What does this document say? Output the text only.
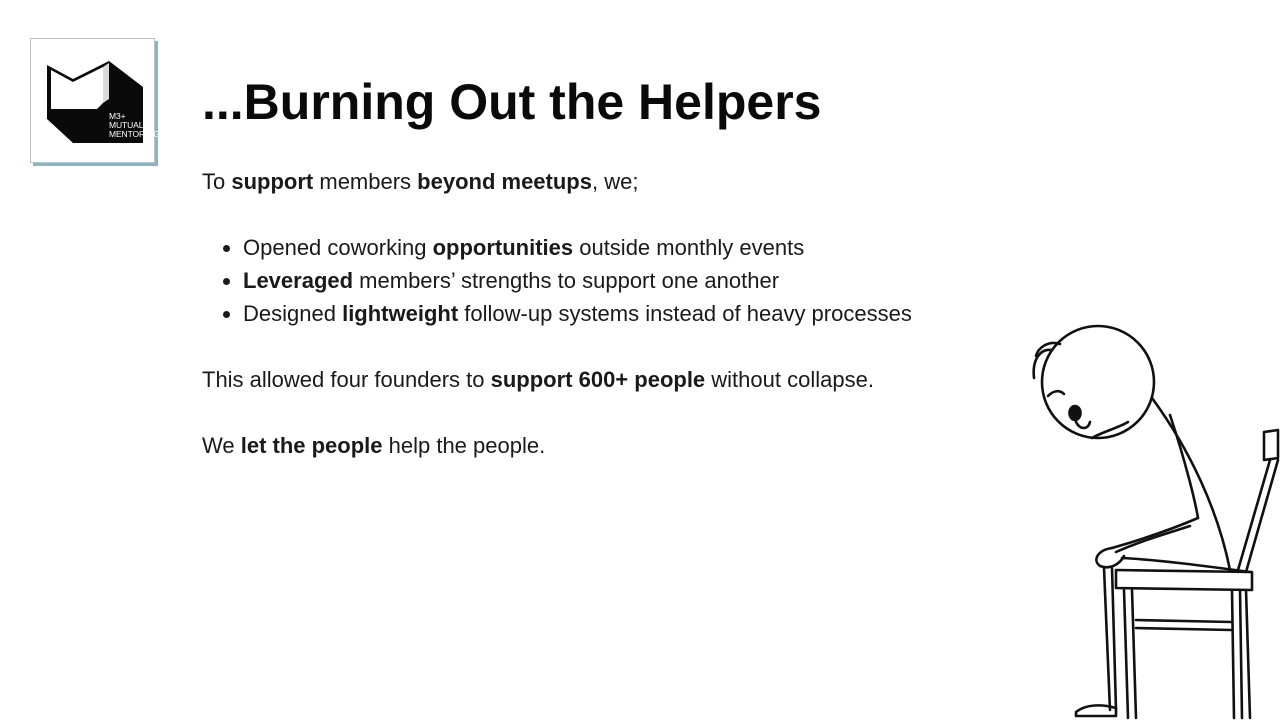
M3+
MUTUAL
MENTORING
...Burning Out the Helpers

To support members beyond meetups, we;

• Opened coworking opportunities outside monthly events
• Leveraged members’ strengths to support one another
• Designed lightweight follow-up systems instead of heavy processes

This allowed four founders to support 600+ people without collapse.

We let the people help the people.
